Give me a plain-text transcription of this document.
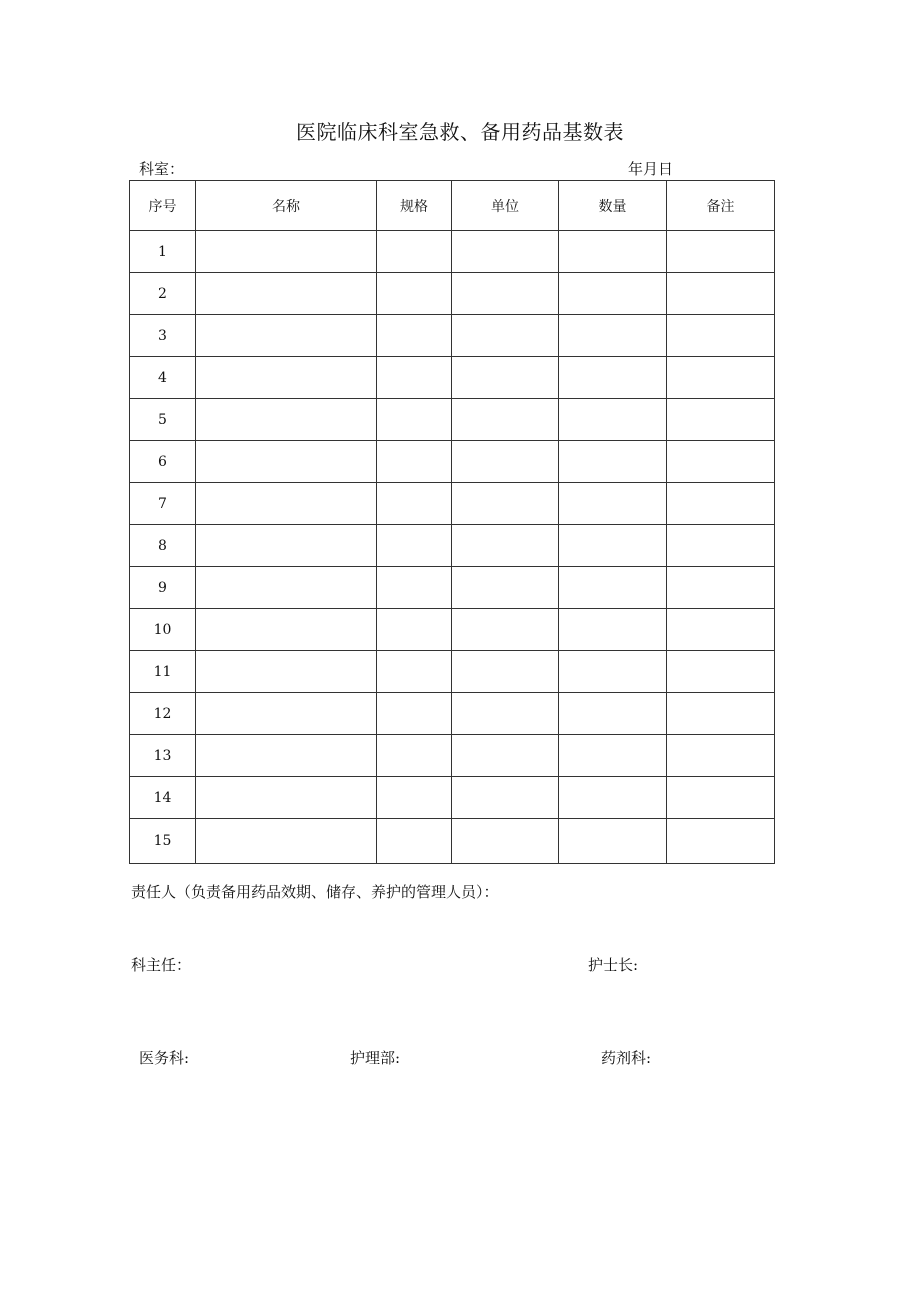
医院临床科室急救、备用药品基数表
科室：	年月日
序号	名称	规格	单位	数量	备注
1					
2					
3					
4					
5					
6					
7					
8					
9					
10					
11					
12					
13					
14					
15					
责任人（负责备用药品效期、储存、养护的管理人员）：
科主任：	护士长:
医务科:	护理部:	药剂科:
